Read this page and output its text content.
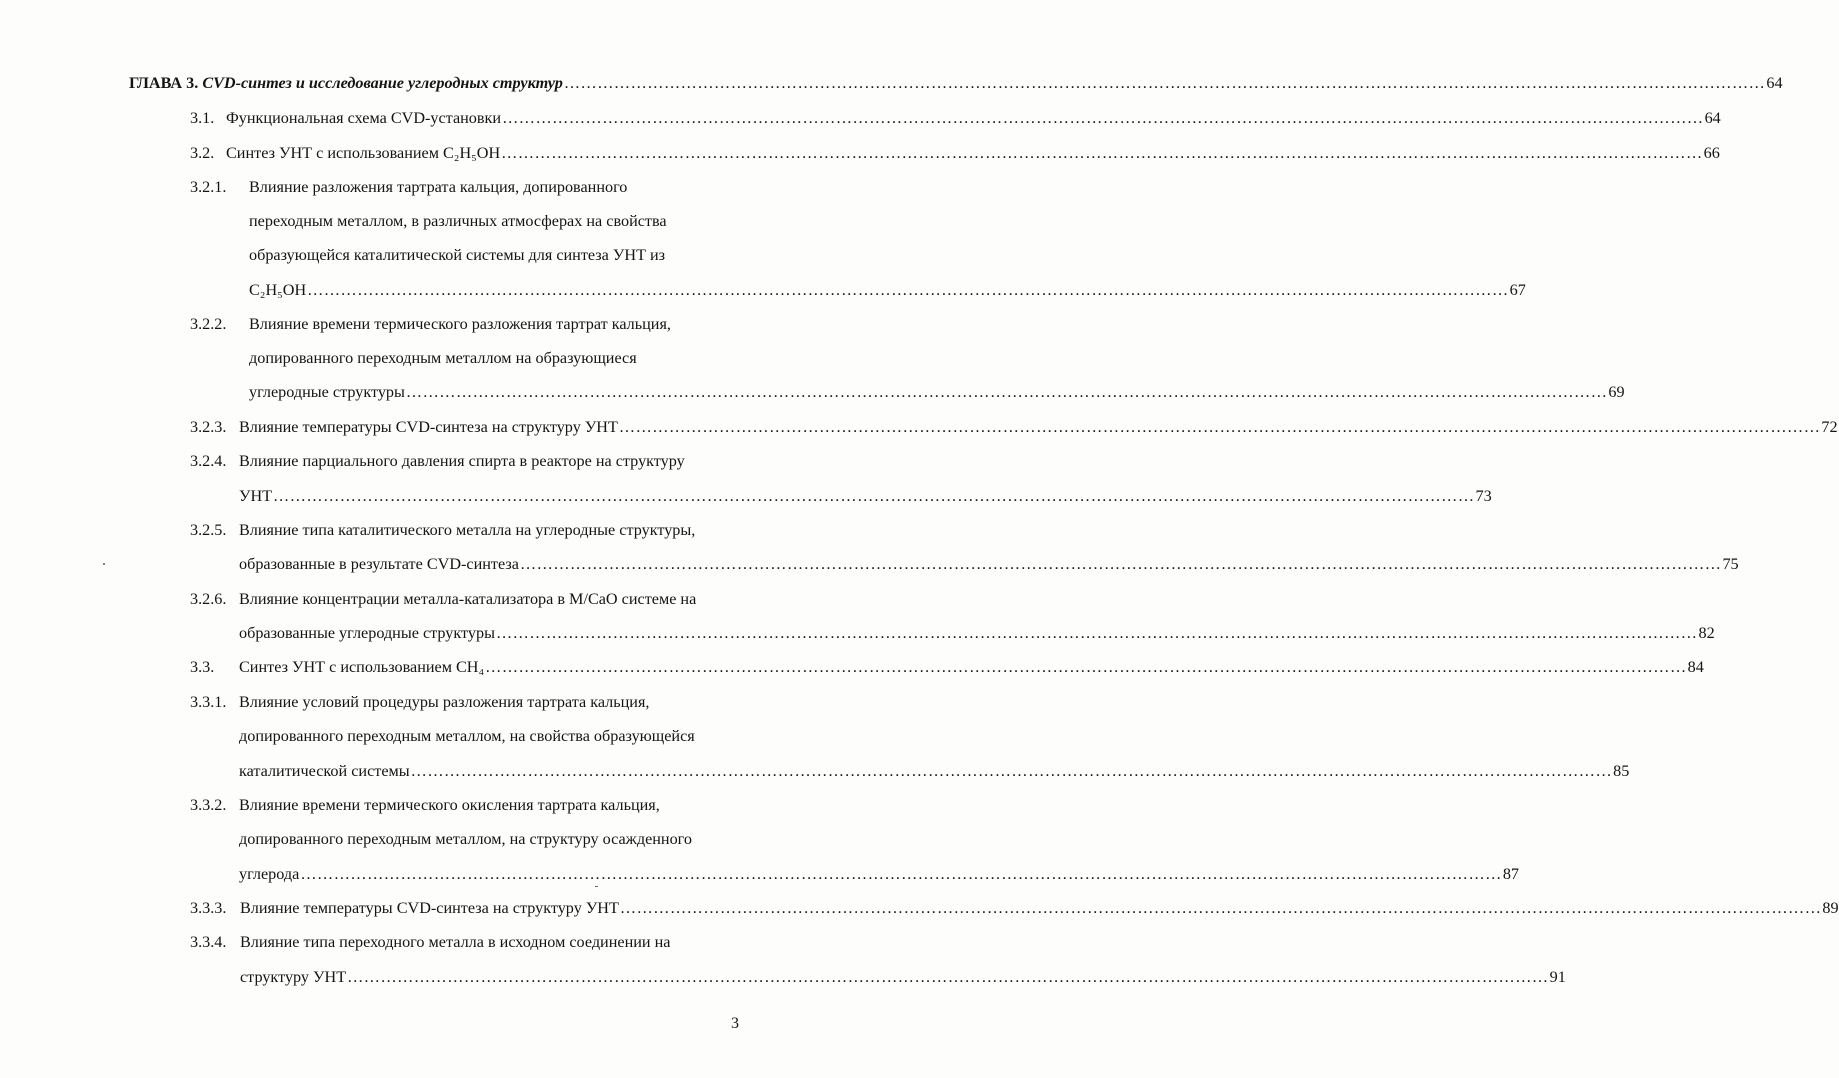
ГЛАВА 3. CVD-синтез и исследование углеродных структур ……………………………………………………………………………………………………………………………………………………………………………………………… 64
3.1. Функциональная схема CVD-установки ……………………………………………………………………………………………………………………………………………………………………………………………… 64
3.2. Синтез УНТ с использованием C₂H₅OH ……………………………………………………………………………………………………………………………………………………………………………………………… 66
3.2.1. Влияние разложения тартрата кальция, допированного
переходным металлом, в различных атмосферах на свойства
образующейся каталитической системы для синтеза УНТ из
C₂H₅OH ……………………………………………………………………………………………………………………………………………………………………………………………… 67
3.2.2. Влияние времени термического разложения тартрат кальция,
допированного переходным металлом на образующиеся
углеродные структуры ……………………………………………………………………………………………………………………………………………………………………………………………… 69
3.2.3. Влияние температуры CVD-синтеза на структуру УНТ ……………………………………………………………………………………………………………………………………………………………………………………………… 72
3.2.4. Влияние парциального давления спирта в реакторе на структуру
УНТ ……………………………………………………………………………………………………………………………………………………………………………………………… 73
3.2.5. Влияние типа каталитического металла на углеродные структуры,
образованные в результате CVD-синтеза ……………………………………………………………………………………………………………………………………………………………………………………………… 75
3.2.6. Влияние концентрации металла-катализатора в M/CaO системе на
образованные углеродные структуры ……………………………………………………………………………………………………………………………………………………………………………………………… 82
3.3. Синтез УНТ с использованием CH₄ ……………………………………………………………………………………………………………………………………………………………………………………………… 84
3.3.1. Влияние условий процедуры разложения тартрата кальция,
допированного переходным металлом, на свойства образующейся
каталитической системы ……………………………………………………………………………………………………………………………………………………………………………………………… 85
3.3.2. Влияние времени термического окисления тартрата кальция,
допированного переходным металлом, на структуру осажденного
углерода ……………………………………………………………………………………………………………………………………………………………………………………………… 87
3.3.3. Влияние температуры CVD-синтеза на структуру УНТ ……………………………………………………………………………………………………………………………………………………………………………………………… 89
3.3.4. Влияние типа переходного металла в исходном соединении на
структуру УНТ ……………………………………………………………………………………………………………………………………………………………………………………………… 91
3
